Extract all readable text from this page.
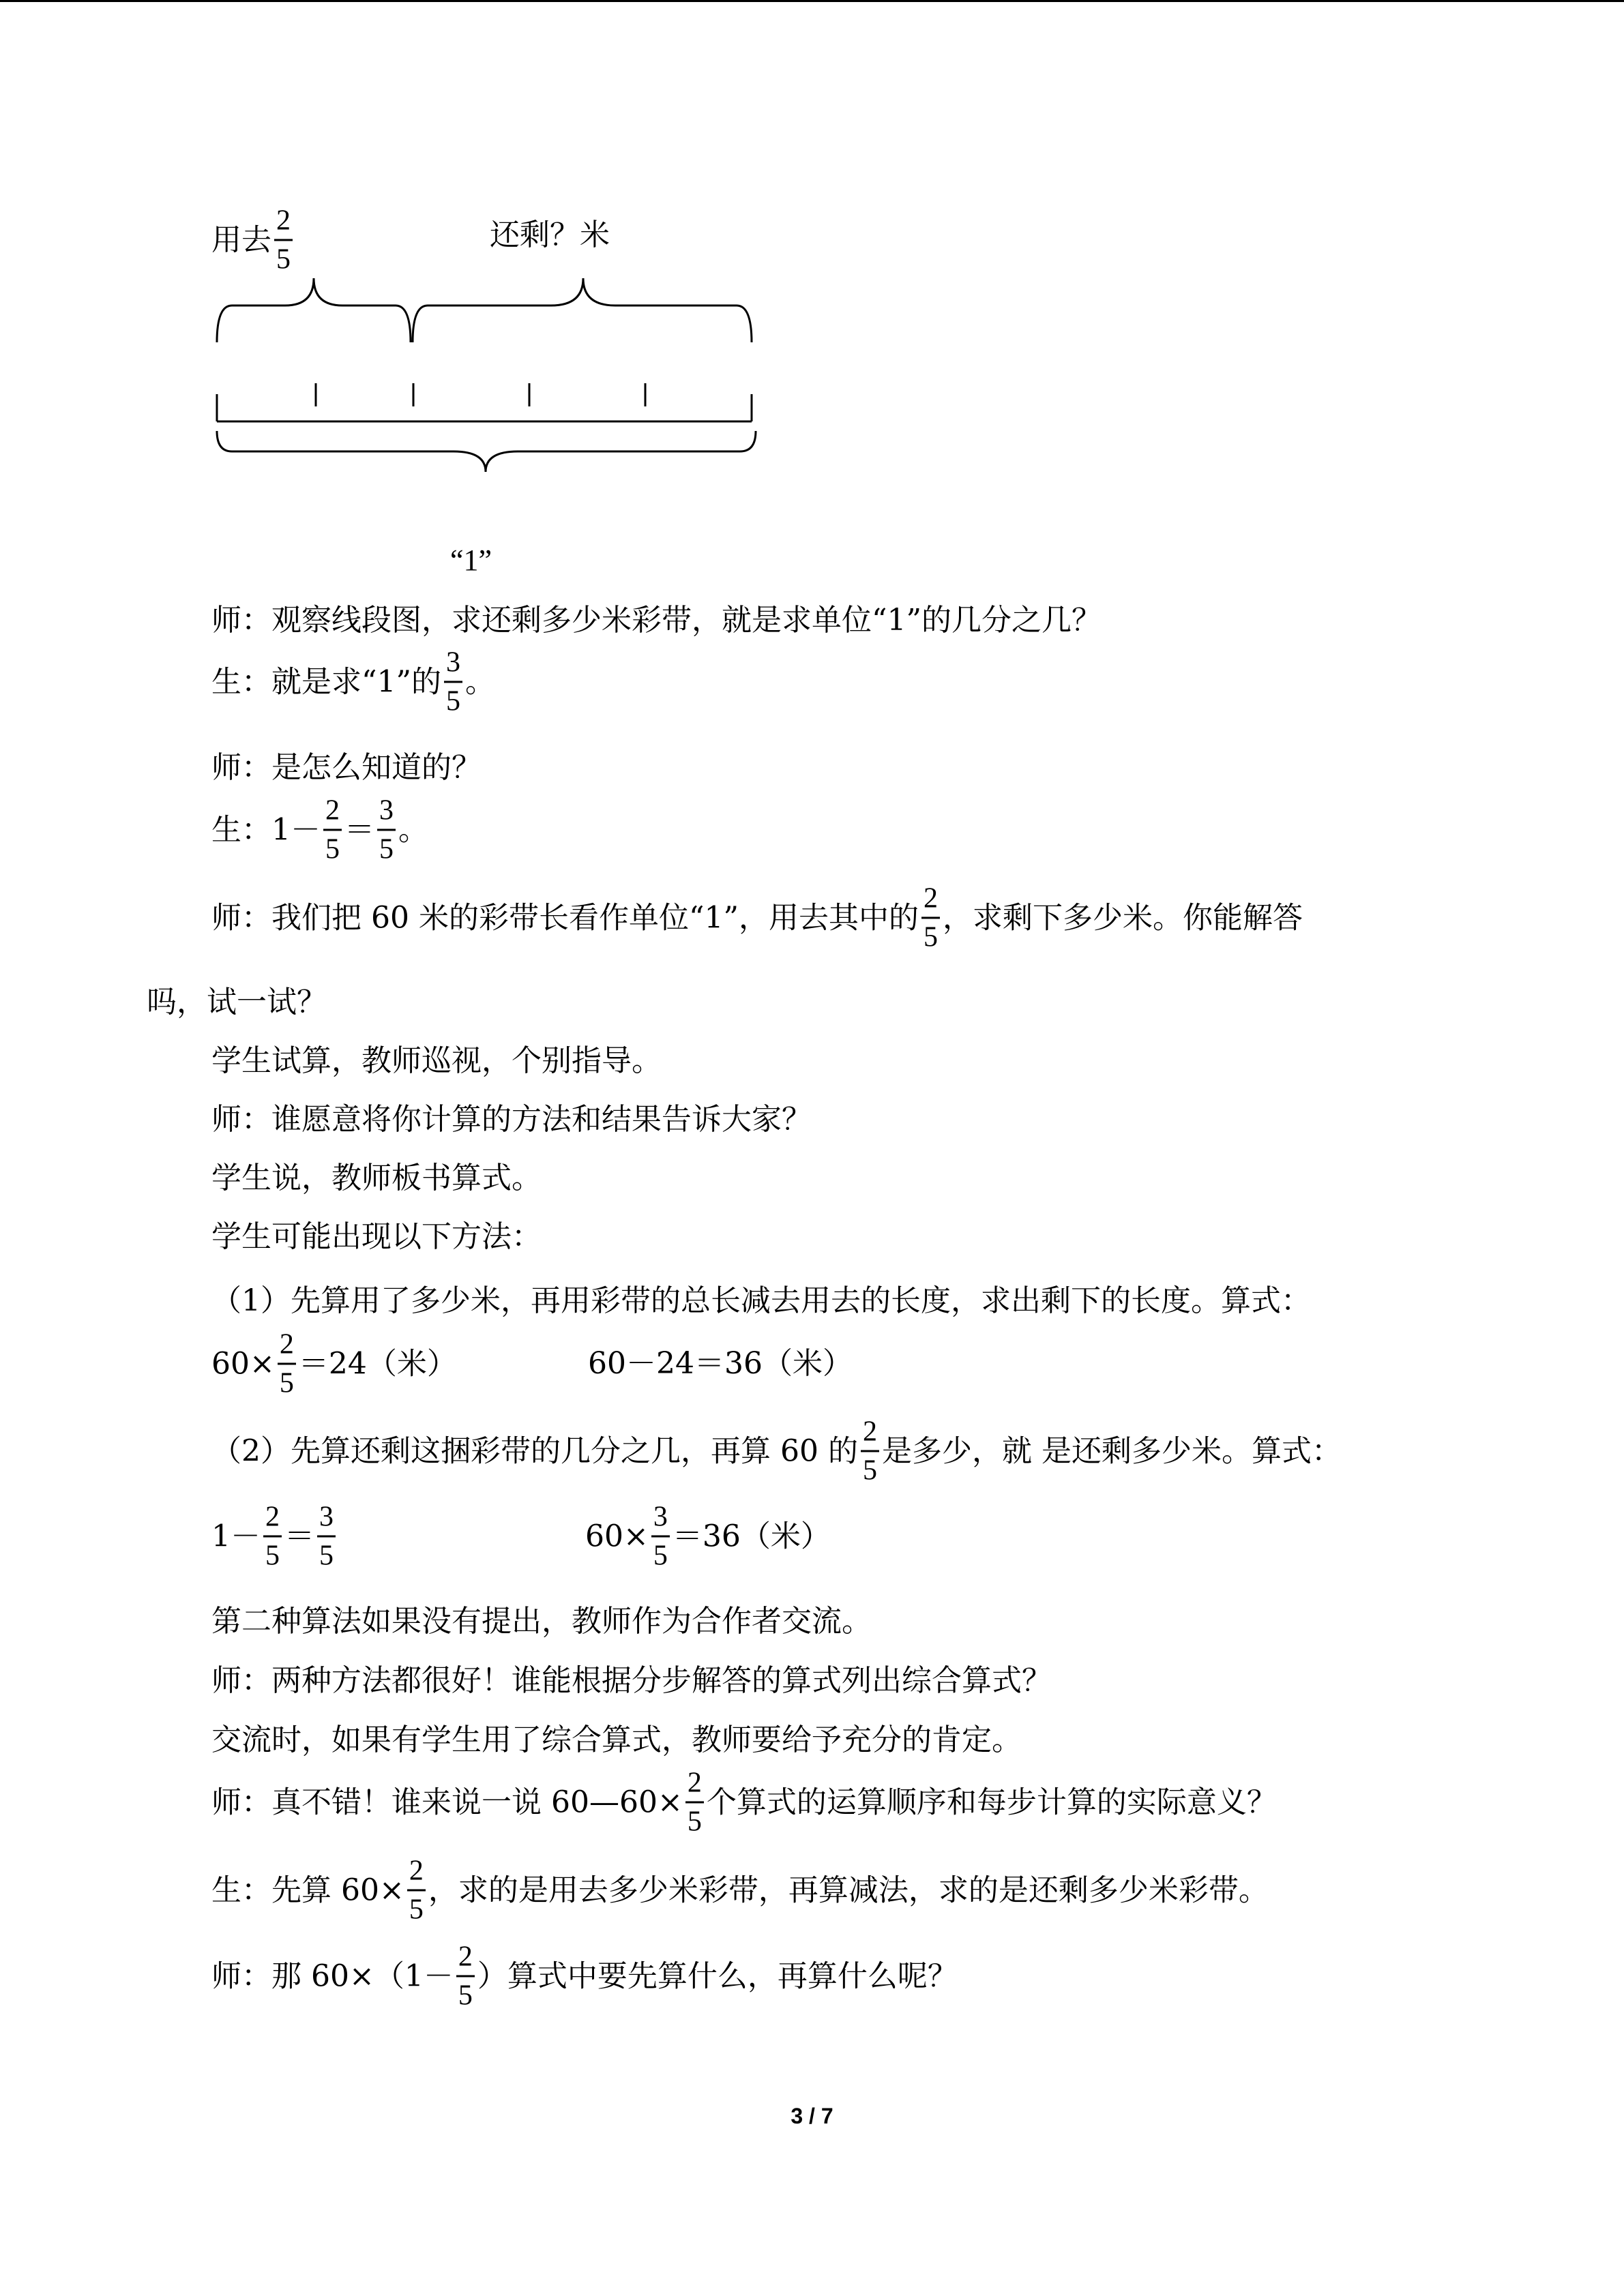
用去 $\frac{2}{5}$	还剩？米
“1”
师：观察线段图，求还剩多少米彩带，就是求单位“1”的几分之几？
生：就是求“1”的 $\frac{3}{5}$ 。
师：是怎么知道的？
生：$1- \frac{2}{5} = \frac{3}{5}$ 。
师：我们把 60 米的彩带长看作单位“1”，用去其中的 $\frac{2}{5}$ ，求剩下多少米。你能解答
吗，试一试？
学生试算，教师巡视，个别指导。
师：谁愿意将你计算的方法和结果告诉大家？
学生说，教师板书算式。
学生可能出现以下方法：
（1）先算用了多少米，再用彩带的总长减去用去的长度，求出剩下的长度。算式：
$60\times \frac{2}{5} =24$（米）	60－24＝36（米）
（2）先算还剩这捆彩带的几分之几，再算 60 的 $\frac{2}{5}$ 是多少，就 是还剩多少米。算式：
$1- \frac{2}{5} = \frac{3}{5}$	$60\times \frac{3}{5} =36$（米）
第二种算法如果没有提出，教师作为合作者交流。
师：两种方法都很好！谁能根据分步解答的算式列出综合算式？
交流时，如果有学生用了综合算式，教师要给予充分的肯定。
师：真不错！谁来说一说 60—60× $\frac{2}{5}$ 个算式的运算顺序和每步计算的实际意义？
生：先算 $60\times \frac{2}{5}$ ，求的是用去多少米彩带，再算减法，求的是还剩多少米彩带。
师：那 $60\times(1- \frac{2}{5}$ ）算式中要先算什么，再算什么呢？
3 / 7
